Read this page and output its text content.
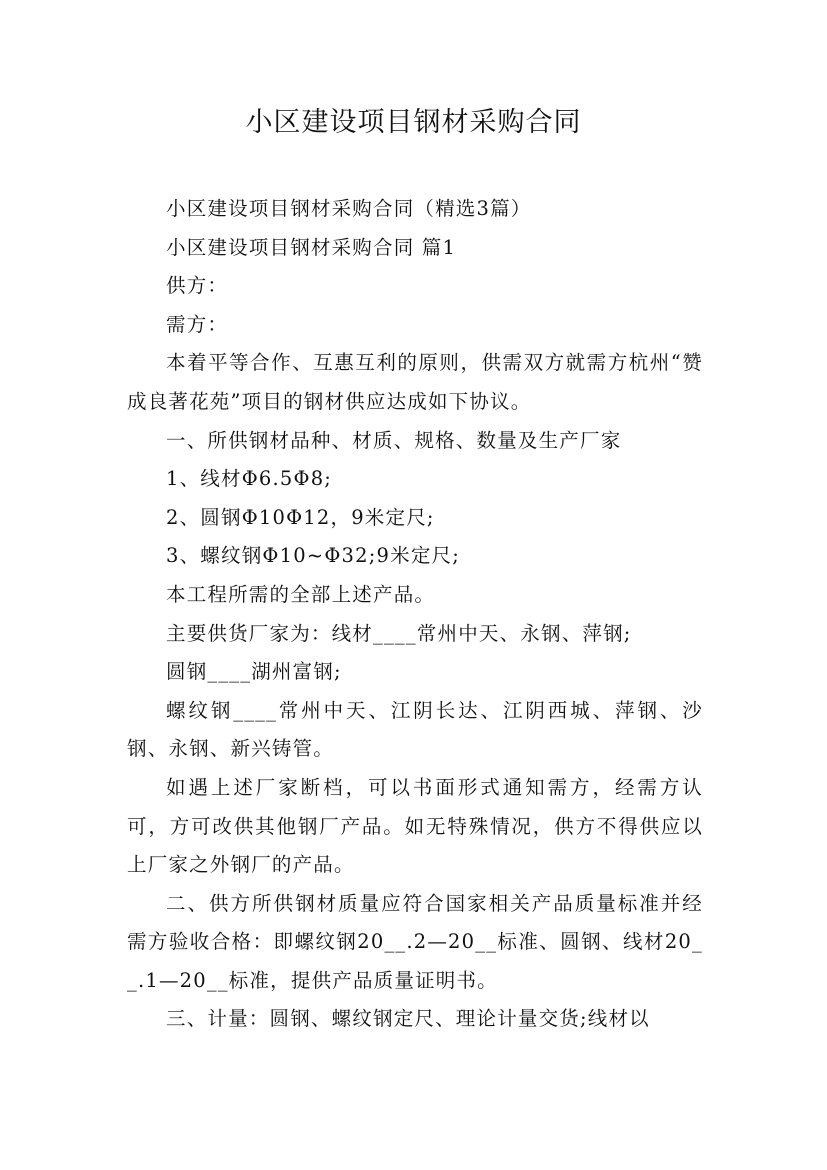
小区建设项目钢材采购合同

小区建设项目钢材采购合同（精选3篇）

小区建设项目钢材采购合同 篇1

供方：

需方：

本着平等合作、互惠互利的原则，供需双方就需方杭州“赞成良著花苑”项目的钢材供应达成如下协议。

一、所供钢材品种、材质、规格、数量及生产厂家

1、线材Φ6.5Φ8;

2、圆钢Φ10Φ12，9米定尺;

3、螺纹钢Φ10~Φ32;9米定尺;

本工程所需的全部上述产品。

主要供货厂家为：线材____常州中天、永钢、萍钢;

圆钢____湖州富钢;

螺纹钢____常州中天、江阴长达、江阴西城、萍钢、沙钢、永钢、新兴铸管。

如遇上述厂家断档，可以书面形式通知需方，经需方认可，方可改供其他钢厂产品。如无特殊情况，供方不得供应以上厂家之外钢厂的产品。

二、供方所供钢材质量应符合国家相关产品质量标准并经需方验收合格：即螺纹钢20__.2—20__标准、圆钢、线材20__.1—20__标准，提供产品质量证明书。

三、计量：圆钢、螺纹钢定尺、理论计量交货;线材以
